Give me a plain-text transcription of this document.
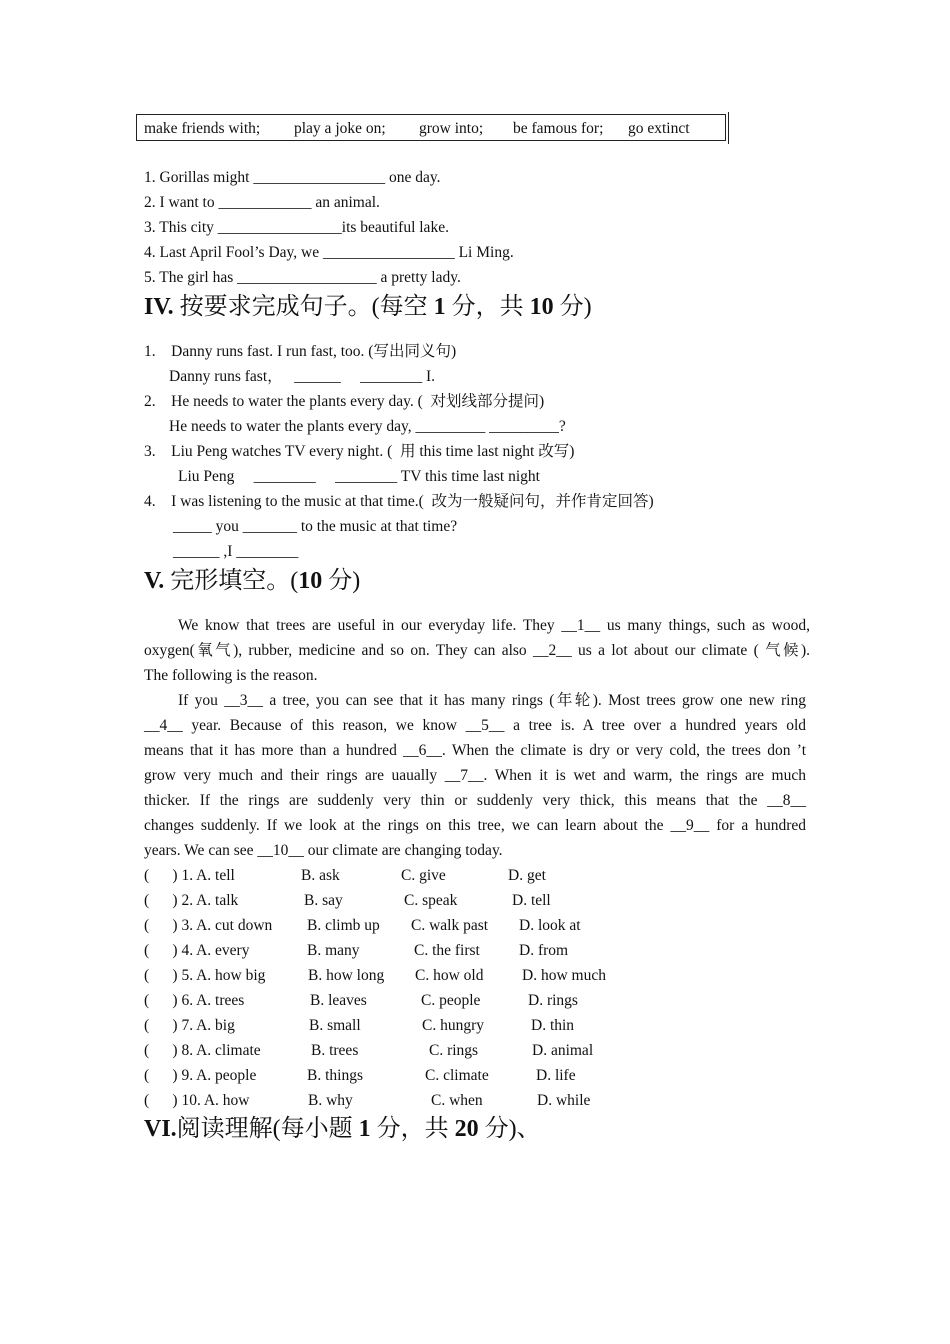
make friends with; play a joke on; grow into; be famous for; go extinct
1. Gorillas might _________________ one day.
2. I want to ____________ an animal.
3. This city ________________its beautiful lake.
4. Last April Fool’s Day, we _________________ Li Ming.
5. The girl has __________________ a pretty lady.
IV. 按要求完成句子。(每空 1 分，共 10 分)
1.    Danny runs fast. I run fast, too. (写出同义句)
Danny runs fast，   ______     ________ I.
2.    He needs to water the plants every day. (  对划线部分提问)
He needs to water the plants every day, _________ _________?
3.    Liu Peng watches TV every night. (  用 this time last night 改写)
Liu Peng     ________     ________ TV this time last night
4.    I was listening to the music at that time.(  改为一般疑问句，并作肯定回答)
_____ you _______ to the music at that time?
______ ,I ________
V. 完形填空。(10 分)
We know that trees are useful in our everyday life. They __1__ us many things, such as wood,
oxygen(氧气), rubber, medicine and so on. They can also __2__ us a lot about our climate ( 气候).
The following is the reason.
If you __3__ a tree, you can see that it has many rings (年轮). Most trees grow one new ring
__4__ year. Because of this reason, we know __5__ a tree is. A tree over a hundred years old
means that it has more than a hundred __6__. When the climate is dry or very cold, the trees don ’t
grow very much and their rings are uaually __7__. When it is wet and warm, the rings are much
thicker. If the rings are suddenly very thin or suddenly very thick, this means that the __8__
changes suddenly. If we look at the rings on this tree, we can learn about the __9__ for a hundred
years. We can see __10__ our climate are changing today.
(      ) 1. A. tell	B. ask	C. give	D. get
(      ) 2. A. talk	B. say	C. speak	D. tell
(      ) 3. A. cut down B. climb up C. walk past D. look at
(      ) 4. A. every	B. many	C. the first	D. from
(      ) 5. A. how big	B. how long C. how old D. how much
(      ) 6. A. trees	B. leaves	C. people	D. rings
(      ) 7. A. big	B. small	C. hungry	D. thin
(      ) 8. A. climate	B. trees	C. rings	D. animal
(      ) 9. A. people	B. things	C. climate	D. life
(      ) 10. A. how	B. why	C. when	D. while
VI.阅读理解(每小题 1 分，共 20 分)、
